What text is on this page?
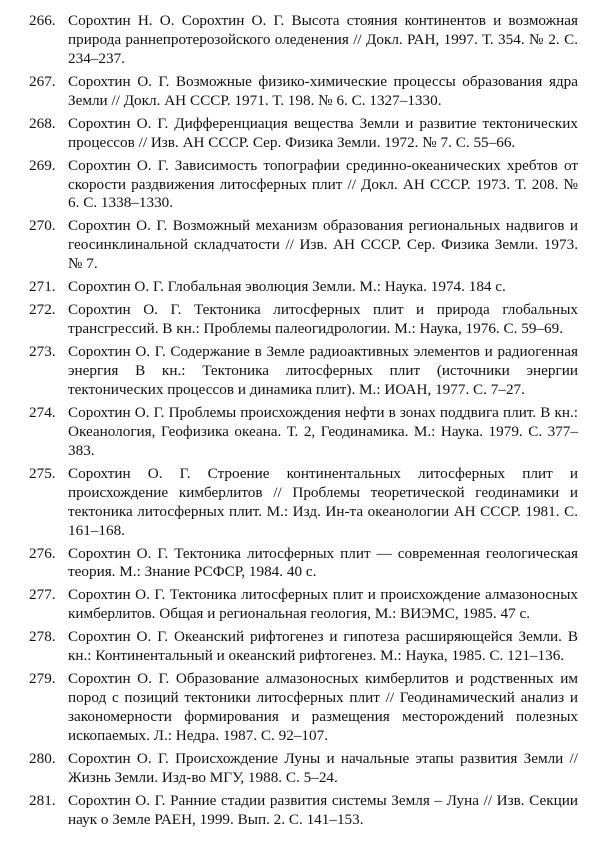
266. Сорохтин Н. О. Сорохтин О. Г. Высота стояния континентов и возможная природа раннепротерозойского оледенения // Докл. РАН, 1997. Т. 354. № 2. С. 234–237.
267. Сорохтин О. Г. Возможные физико-химические процессы образования ядра Земли // Докл. АН СССР. 1971. Т. 198. № 6. С. 1327–1330.
268. Сорохтин О. Г. Дифференциация вещества Земли и развитие тектонических процессов // Изв. АН СССР. Сер. Физика Земли. 1972. № 7. С. 55–66.
269. Сорохтин О. Г. Зависимость топографии срединно-океанических хребтов от скорости раздвижения литосферных плит // Докл. АН СССР. 1973. Т. 208. № 6. С. 1338–1330.
270. Сорохтин О. Г. Возможный механизм образования региональных надвигов и геосинклинальной складчатости // Изв. АН СССР. Сер. Физика Земли. 1973. № 7.
271. Сорохтин О. Г. Глобальная эволюция Земли. М.: Наука. 1974. 184 с.
272. Сорохтин О. Г. Тектоника литосферных плит и природа глобальных трансгрессий. В кн.: Проблемы палеогидрологии. М.: Наука, 1976. С. 59–69.
273. Сорохтин О. Г. Содержание в Земле радиоактивных элементов и радиогенная энергия В кн.: Тектоника литосферных плит (источники энергии тектонических процессов и динамика плит). М.: ИОАН, 1977. С. 7–27.
274. Сорохтин О. Г. Проблемы происхождения нефти в зонах поддвига плит. В кн.: Океанология, Геофизика океана. Т. 2, Геодинамика. М.: Наука. 1979. С. 377–383.
275. Сорохтин О. Г. Строение континентальных литосферных плит и происхождение кимберлитов // Проблемы теоретической геодинамики и тектоника литосферных плит. М.: Изд. Ин-та океанологии АН СССР. 1981. С. 161–168.
276. Сорохтин О. Г. Тектоника литосферных плит — современная геологическая теория. М.: Знание РСФСР, 1984. 40 с.
277. Сорохтин О. Г. Тектоника литосферных плит и происхождение алмазоносных кимберлитов. Общая и региональная геология, М.: ВИЭМС, 1985. 47 с.
278. Сорохтин О. Г. Океанский рифтогенез и гипотеза расширяющейся Земли. В кн.: Континентальный и океанский рифтогенез. М.: Наука, 1985. С. 121–136.
279. Сорохтин О. Г. Образование алмазоносных кимберлитов и родственных им пород с позиций тектоники литосферных плит // Геодинамический анализ и закономерности формирования и размещения месторождений полезных ископаемых. Л.: Недра. 1987. С. 92–107.
280. Сорохтин О. Г. Происхождение Луны и начальные этапы развития Земли // Жизнь Земли. Изд-во МГУ, 1988. С. 5–24.
281. Сорохтин О. Г. Ранние стадии развития системы Земля – Луна // Изв. Секции наук о Земле РАЕН, 1999. Вып. 2. С. 141–153.
